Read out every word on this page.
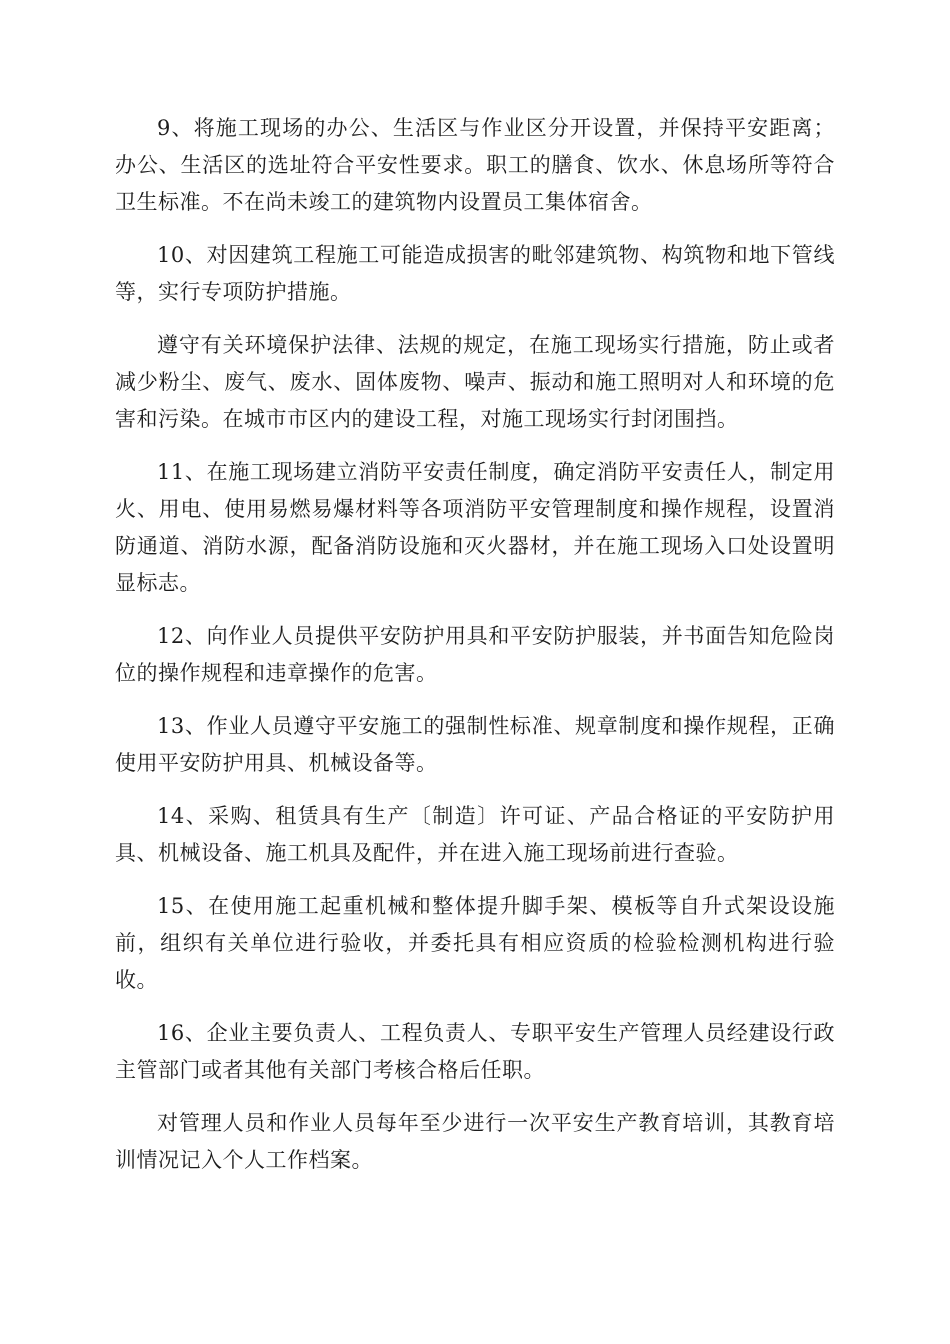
9、将施工现场的办公、生活区与作业区分开设置，并保持平安距离；办公、生活区的选址符合平安性要求。职工的膳食、饮水、休息场所等符合卫生标准。不在尚未竣工的建筑物内设置员工集体宿舍。

10、对因建筑工程施工可能造成损害的毗邻建筑物、构筑物和地下管线等，实行专项防护措施。

遵守有关环境保护法律、法规的规定，在施工现场实行措施，防止或者减少粉尘、废气、废水、固体废物、噪声、振动和施工照明对人和环境的危害和污染。在城市市区内的建设工程，对施工现场实行封闭围挡。

11、在施工现场建立消防平安责任制度，确定消防平安责任人，制定用火、用电、使用易燃易爆材料等各项消防平安管理制度和操作规程，设置消防通道、消防水源，配备消防设施和灭火器材，并在施工现场入口处设置明显标志。

12、向作业人员提供平安防护用具和平安防护服装，并书面告知危险岗位的操作规程和违章操作的危害。

13、作业人员遵守平安施工的强制性标准、规章制度和操作规程，正确使用平安防护用具、机械设备等。

14、采购、租赁具有生产〔制造〕许可证、产品合格证的平安防护用具、机械设备、施工机具及配件，并在进入施工现场前进行查验。

15、在使用施工起重机械和整体提升脚手架、模板等自升式架设设施前，组织有关单位进行验收，并委托具有相应资质的检验检测机构进行验收。

16、企业主要负责人、工程负责人、专职平安生产管理人员经建设行政主管部门或者其他有关部门考核合格后任职。

对管理人员和作业人员每年至少进行一次平安生产教育培训，其教育培训情况记入个人工作档案。
